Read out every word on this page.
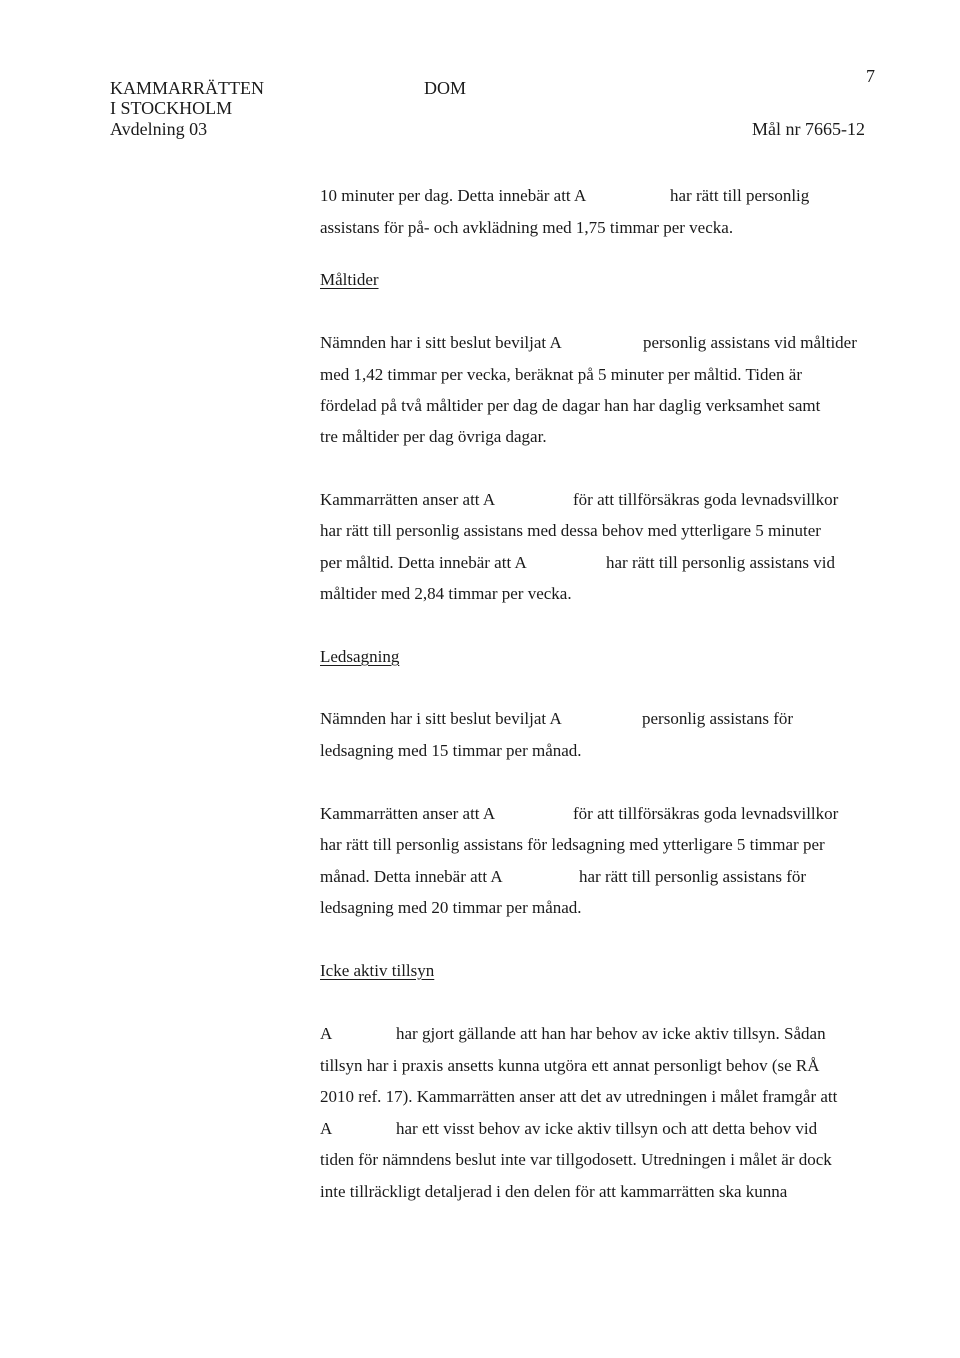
KAMMARRÄTTEN
I STOCKHOLM
Avdelning 03
DOM
7
Mål nr 7665-12
10 minuter per dag. Detta innebär att A	har rätt till personlig
assistans för på- och avklädning med 1,75 timmar per vecka.
Måltider
Nämnden har i sitt beslut beviljat A	personlig assistans vid måltider
med 1,42 timmar per vecka, beräknat på 5 minuter per måltid. Tiden är
fördelad på två måltider per dag de dagar han har daglig verksamhet samt
tre måltider per dag övriga dagar.
Kammarrätten anser att A	för att tillförsäkras goda levnadsvillkor
har rätt till personlig assistans med dessa behov med ytterligare 5 minuter
per måltid. Detta innebär att A	har rätt till personlig assistans vid
måltider med 2,84 timmar per vecka.
Ledsagning
Nämnden har i sitt beslut beviljat A	personlig assistans för
ledsagning med 15 timmar per månad.
Kammarrätten anser att A	för att tillförsäkras goda levnadsvillkor
har rätt till personlig assistans för ledsagning med ytterligare 5 timmar per
månad. Detta innebär att A	har rätt till personlig assistans för
ledsagning med 20 timmar per månad.
Icke aktiv tillsyn
A	har gjort gällande att han har behov av icke aktiv tillsyn. Sådan
tillsyn har i praxis ansetts kunna utgöra ett annat personligt behov (se RÅ
2010 ref. 17). Kammarrätten anser att det av utredningen i målet framgår att
A	har ett visst behov av icke aktiv tillsyn och att detta behov vid
tiden för nämndens beslut inte var tillgodosett. Utredningen i målet är dock
inte tillräckligt detaljerad i den delen för att kammarrätten ska kunna
